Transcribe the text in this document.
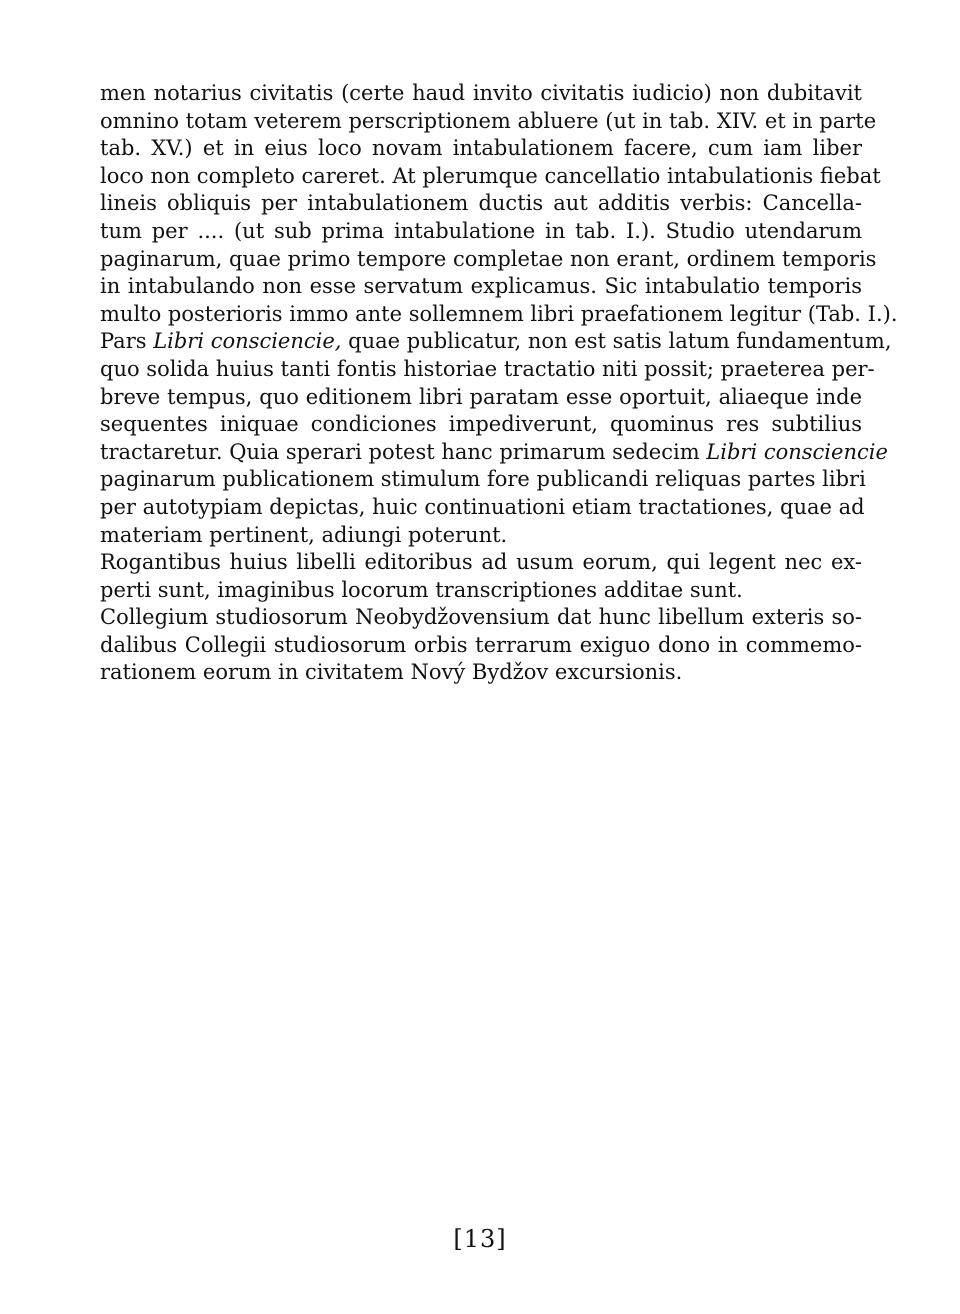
men notarius civitatis (certe haud invito civitatis iudicio) non dubitavit
omnino totam veterem perscriptionem abluere (ut in tab. XIV. et in parte
tab. XV.) et in eius loco novam intabulationem facere, cum iam liber
loco non completo careret. At plerumque cancellatio intabulationis fiebat
lineis obliquis per intabulationem ductis aut additis verbis: Cancella-
tum per .... (ut sub prima intabulatione in tab. I.). Studio utendarum
paginarum, quae primo tempore completae non erant, ordinem temporis
in intabulando non esse servatum explicamus. Sic intabulatio temporis
multo posterioris immo ante sollemnem libri praefationem legitur (Tab. I.).
Pars Libri consciencie, quae publicatur, non est satis latum fundamentum,
quo solida huius tanti fontis historiae tractatio niti possit; praeterea per-
breve tempus, quo editionem libri paratam esse oportuit, aliaeque inde
sequentes iniquae condiciones impediverunt, quominus res subtilius
tractaretur. Quia sperari potest hanc primarum sedecim Libri consciencie
paginarum publicationem stimulum fore publicandi reliquas partes libri
per autotypiam depictas, huic continuationi etiam tractationes, quae ad
materiam pertinent, adiungi poterunt.
Rogantibus huius libelli editoribus ad usum eorum, qui legent nec ex-
perti sunt, imaginibus locorum transcriptiones additae sunt.
Collegium studiosorum Neobydžovensium dat hunc libellum exteris so-
dalibus Collegii studiosorum orbis terrarum exiguo dono in commemo-
rationem eorum in civitatem Nový Bydžov excursionis.
[13]
